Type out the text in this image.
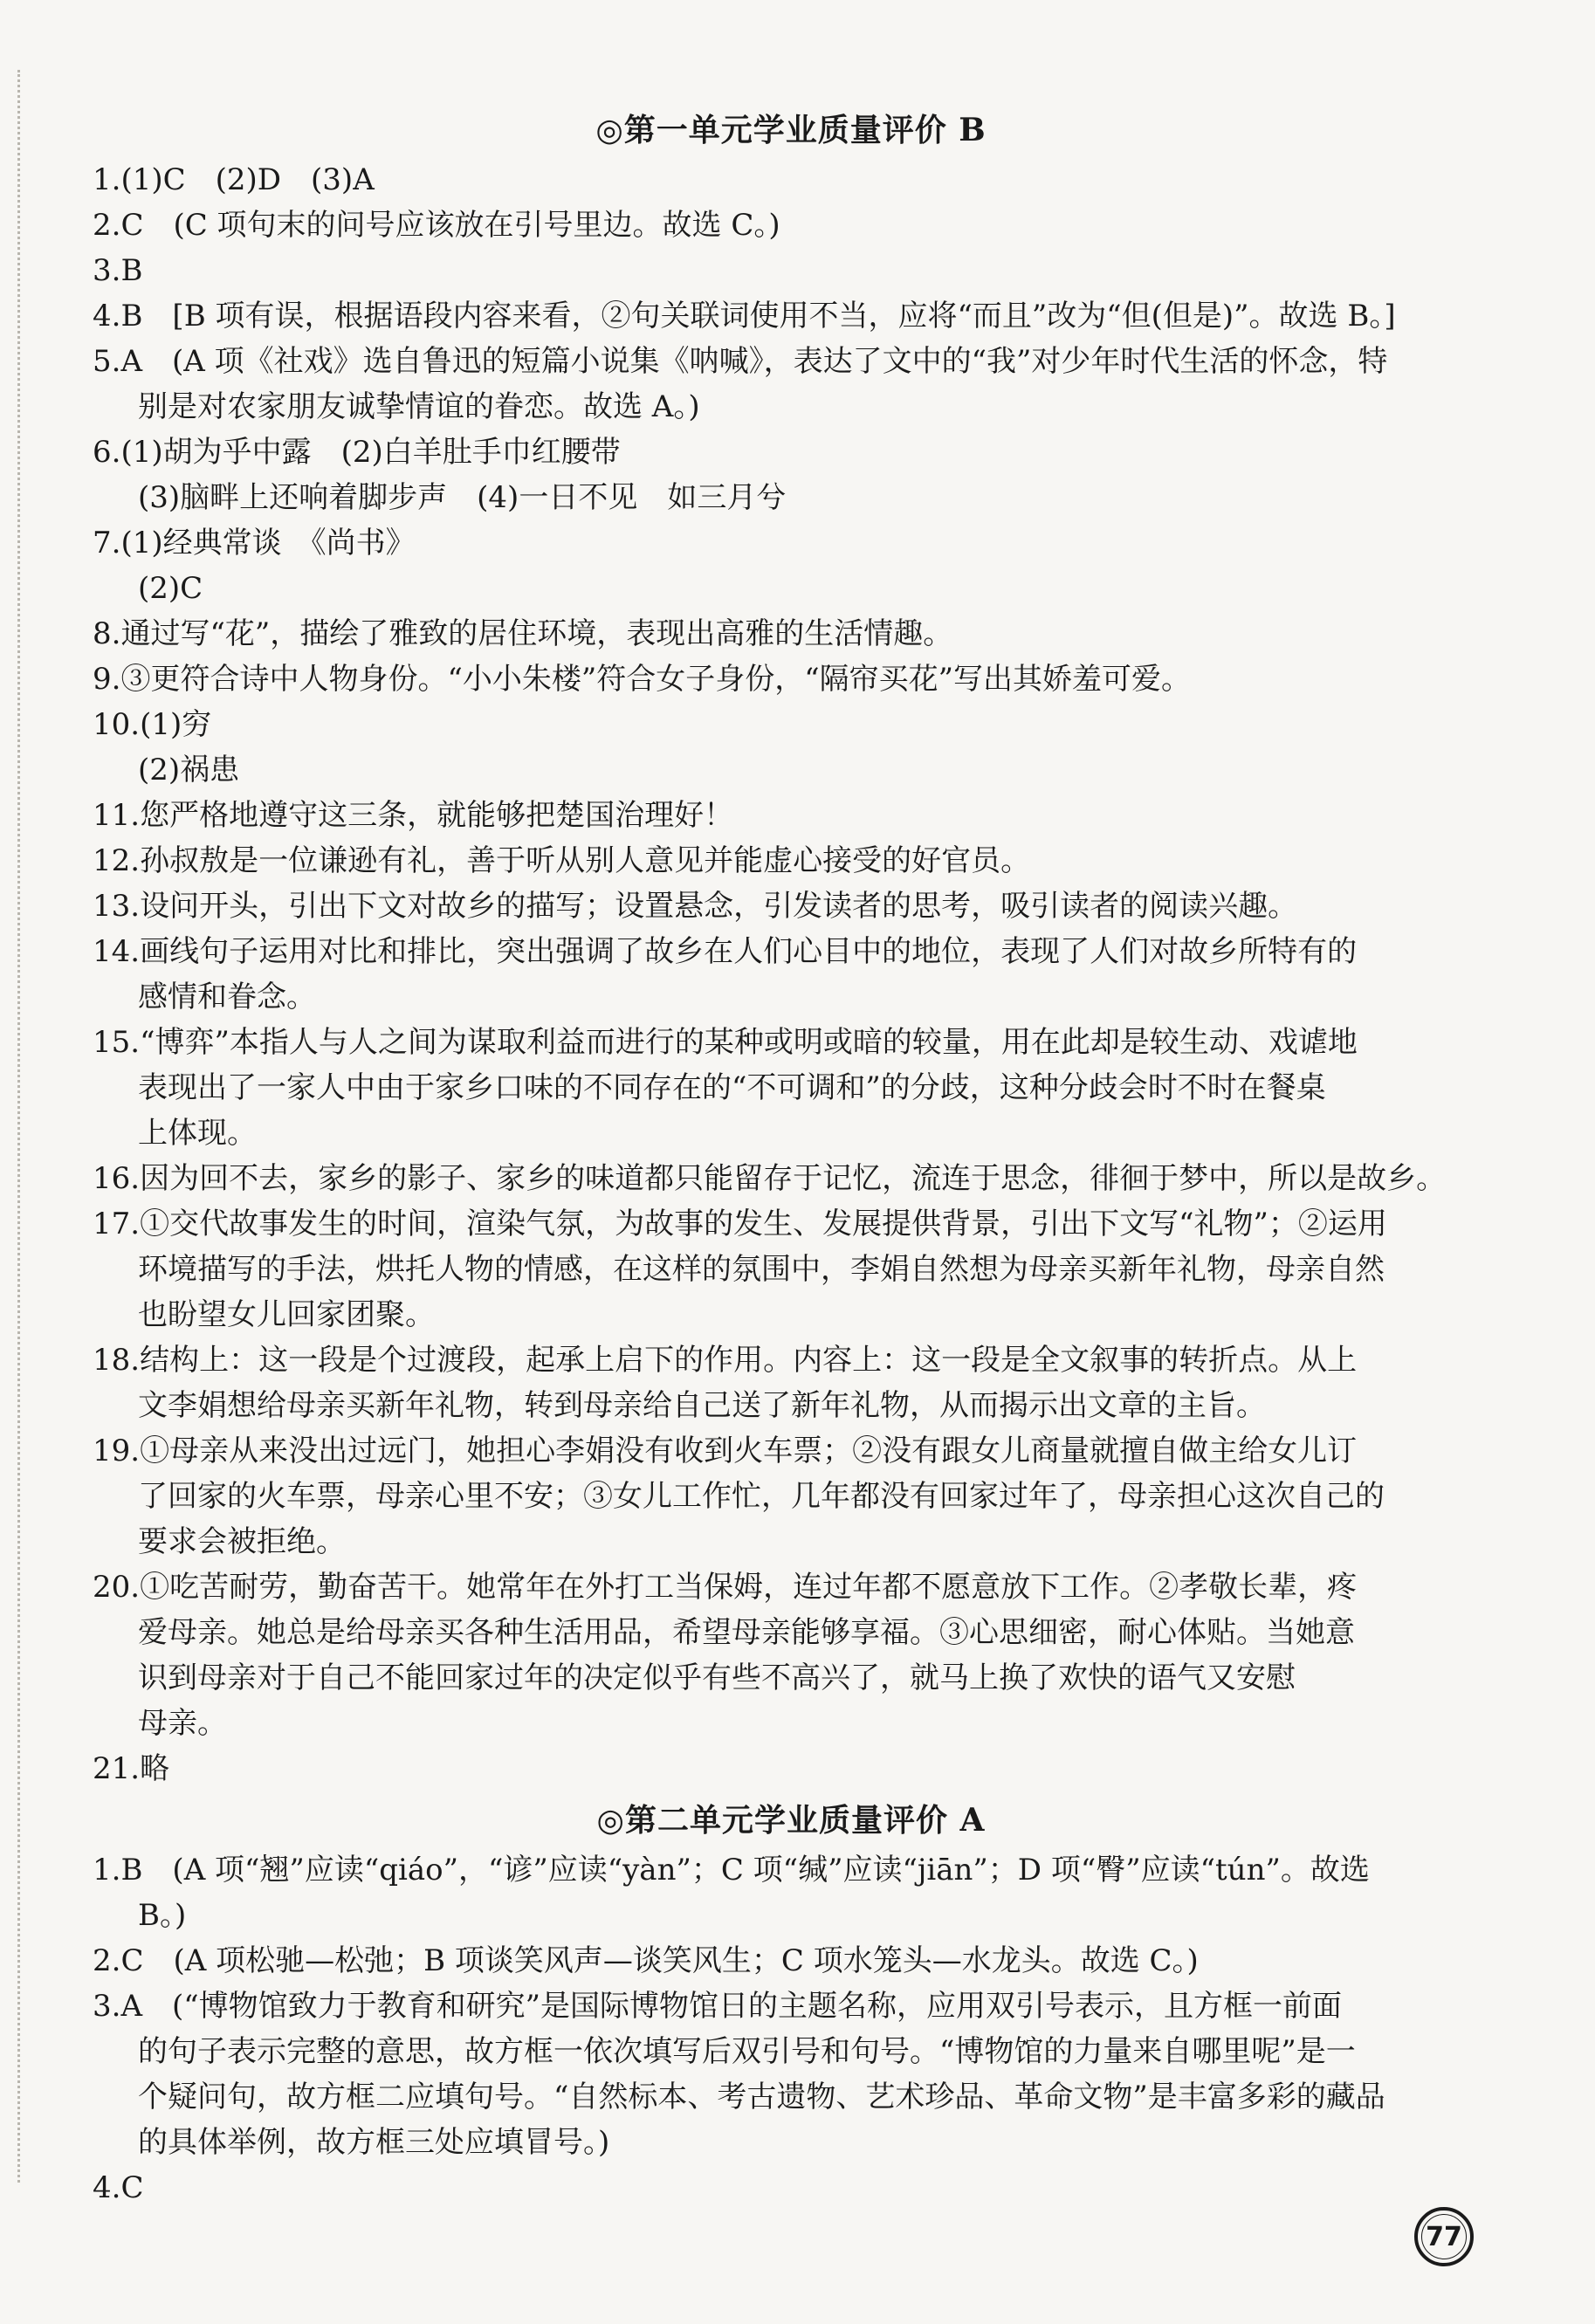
◎第一单元学业质量评价 B
1.(1)C　(2)D　(3)A
2.C　(C 项句末的问号应该放在引号里边。故选 C。)
3.B
4.B　[B 项有误，根据语段内容来看，②句关联词使用不当，应将“而且”改为“但(但是)”。故选 B。]
5.A　(A 项《社戏》选自鲁迅的短篇小说集《呐喊》，表达了文中的“我”对少年时代生活的怀念，特
别是对农家朋友诚挚情谊的眷恋。故选 A。)
6.(1)胡为乎中露　(2)白羊肚手巾红腰带
(3)脑畔上还响着脚步声　(4)一日不见　如三月兮
7.(1)经典常谈　《尚书》
(2)C
8.通过写“花”，描绘了雅致的居住环境，表现出高雅的生活情趣。
9.③更符合诗中人物身份。“小小朱楼”符合女子身份，“隔帘买花”写出其娇羞可爱。
10.(1)穷
(2)祸患
11.您严格地遵守这三条，就能够把楚国治理好！
12.孙叔敖是一位谦逊有礼，善于听从别人意见并能虚心接受的好官员。
13.设问开头，引出下文对故乡的描写；设置悬念，引发读者的思考，吸引读者的阅读兴趣。
14.画线句子运用对比和排比，突出强调了故乡在人们心目中的地位，表现了人们对故乡所特有的
感情和眷念。
15.“博弈”本指人与人之间为谋取利益而进行的某种或明或暗的较量，用在此却是较生动、戏谑地
表现出了一家人中由于家乡口味的不同存在的“不可调和”的分歧，这种分歧会时不时在餐桌
上体现。
16.因为回不去，家乡的影子、家乡的味道都只能留存于记忆，流连于思念，徘徊于梦中，所以是故乡。
17.①交代故事发生的时间，渲染气氛，为故事的发生、发展提供背景，引出下文写“礼物”；②运用
环境描写的手法，烘托人物的情感，在这样的氛围中，李娟自然想为母亲买新年礼物，母亲自然
也盼望女儿回家团聚。
18.结构上：这一段是个过渡段，起承上启下的作用。内容上：这一段是全文叙事的转折点。从上
文李娟想给母亲买新年礼物，转到母亲给自己送了新年礼物，从而揭示出文章的主旨。
19.①母亲从来没出过远门，她担心李娟没有收到火车票；②没有跟女儿商量就擅自做主给女儿订
了回家的火车票，母亲心里不安；③女儿工作忙，几年都没有回家过年了，母亲担心这次自己的
要求会被拒绝。
20.①吃苦耐劳，勤奋苦干。她常年在外打工当保姆，连过年都不愿意放下工作。②孝敬长辈，疼
爱母亲。她总是给母亲买各种生活用品，希望母亲能够享福。③心思细密，耐心体贴。当她意
识到母亲对于自己不能回家过年的决定似乎有些不高兴了，就马上换了欢快的语气又安慰
母亲。
21.略
◎第二单元学业质量评价 A
1.B　(A 项“翘”应读“qiáo”，“谚”应读“yàn”；C 项“缄”应读“jiān”；D 项“臀”应读“tún”。故选
B。)
2.C　(A 项松驰—松弛；B 项谈笑风声—谈笑风生；C 项水笼头—水龙头。故选 C。)
3.A　(“博物馆致力于教育和研究”是国际博物馆日的主题名称，应用双引号表示，且方框一前面
的句子表示完整的意思，故方框一依次填写后双引号和句号。“博物馆的力量来自哪里呢”是一
个疑问句，故方框二应填句号。“自然标本、考古遗物、艺术珍品、革命文物”是丰富多彩的藏品
的具体举例，故方框三处应填冒号。)
4.C
77
